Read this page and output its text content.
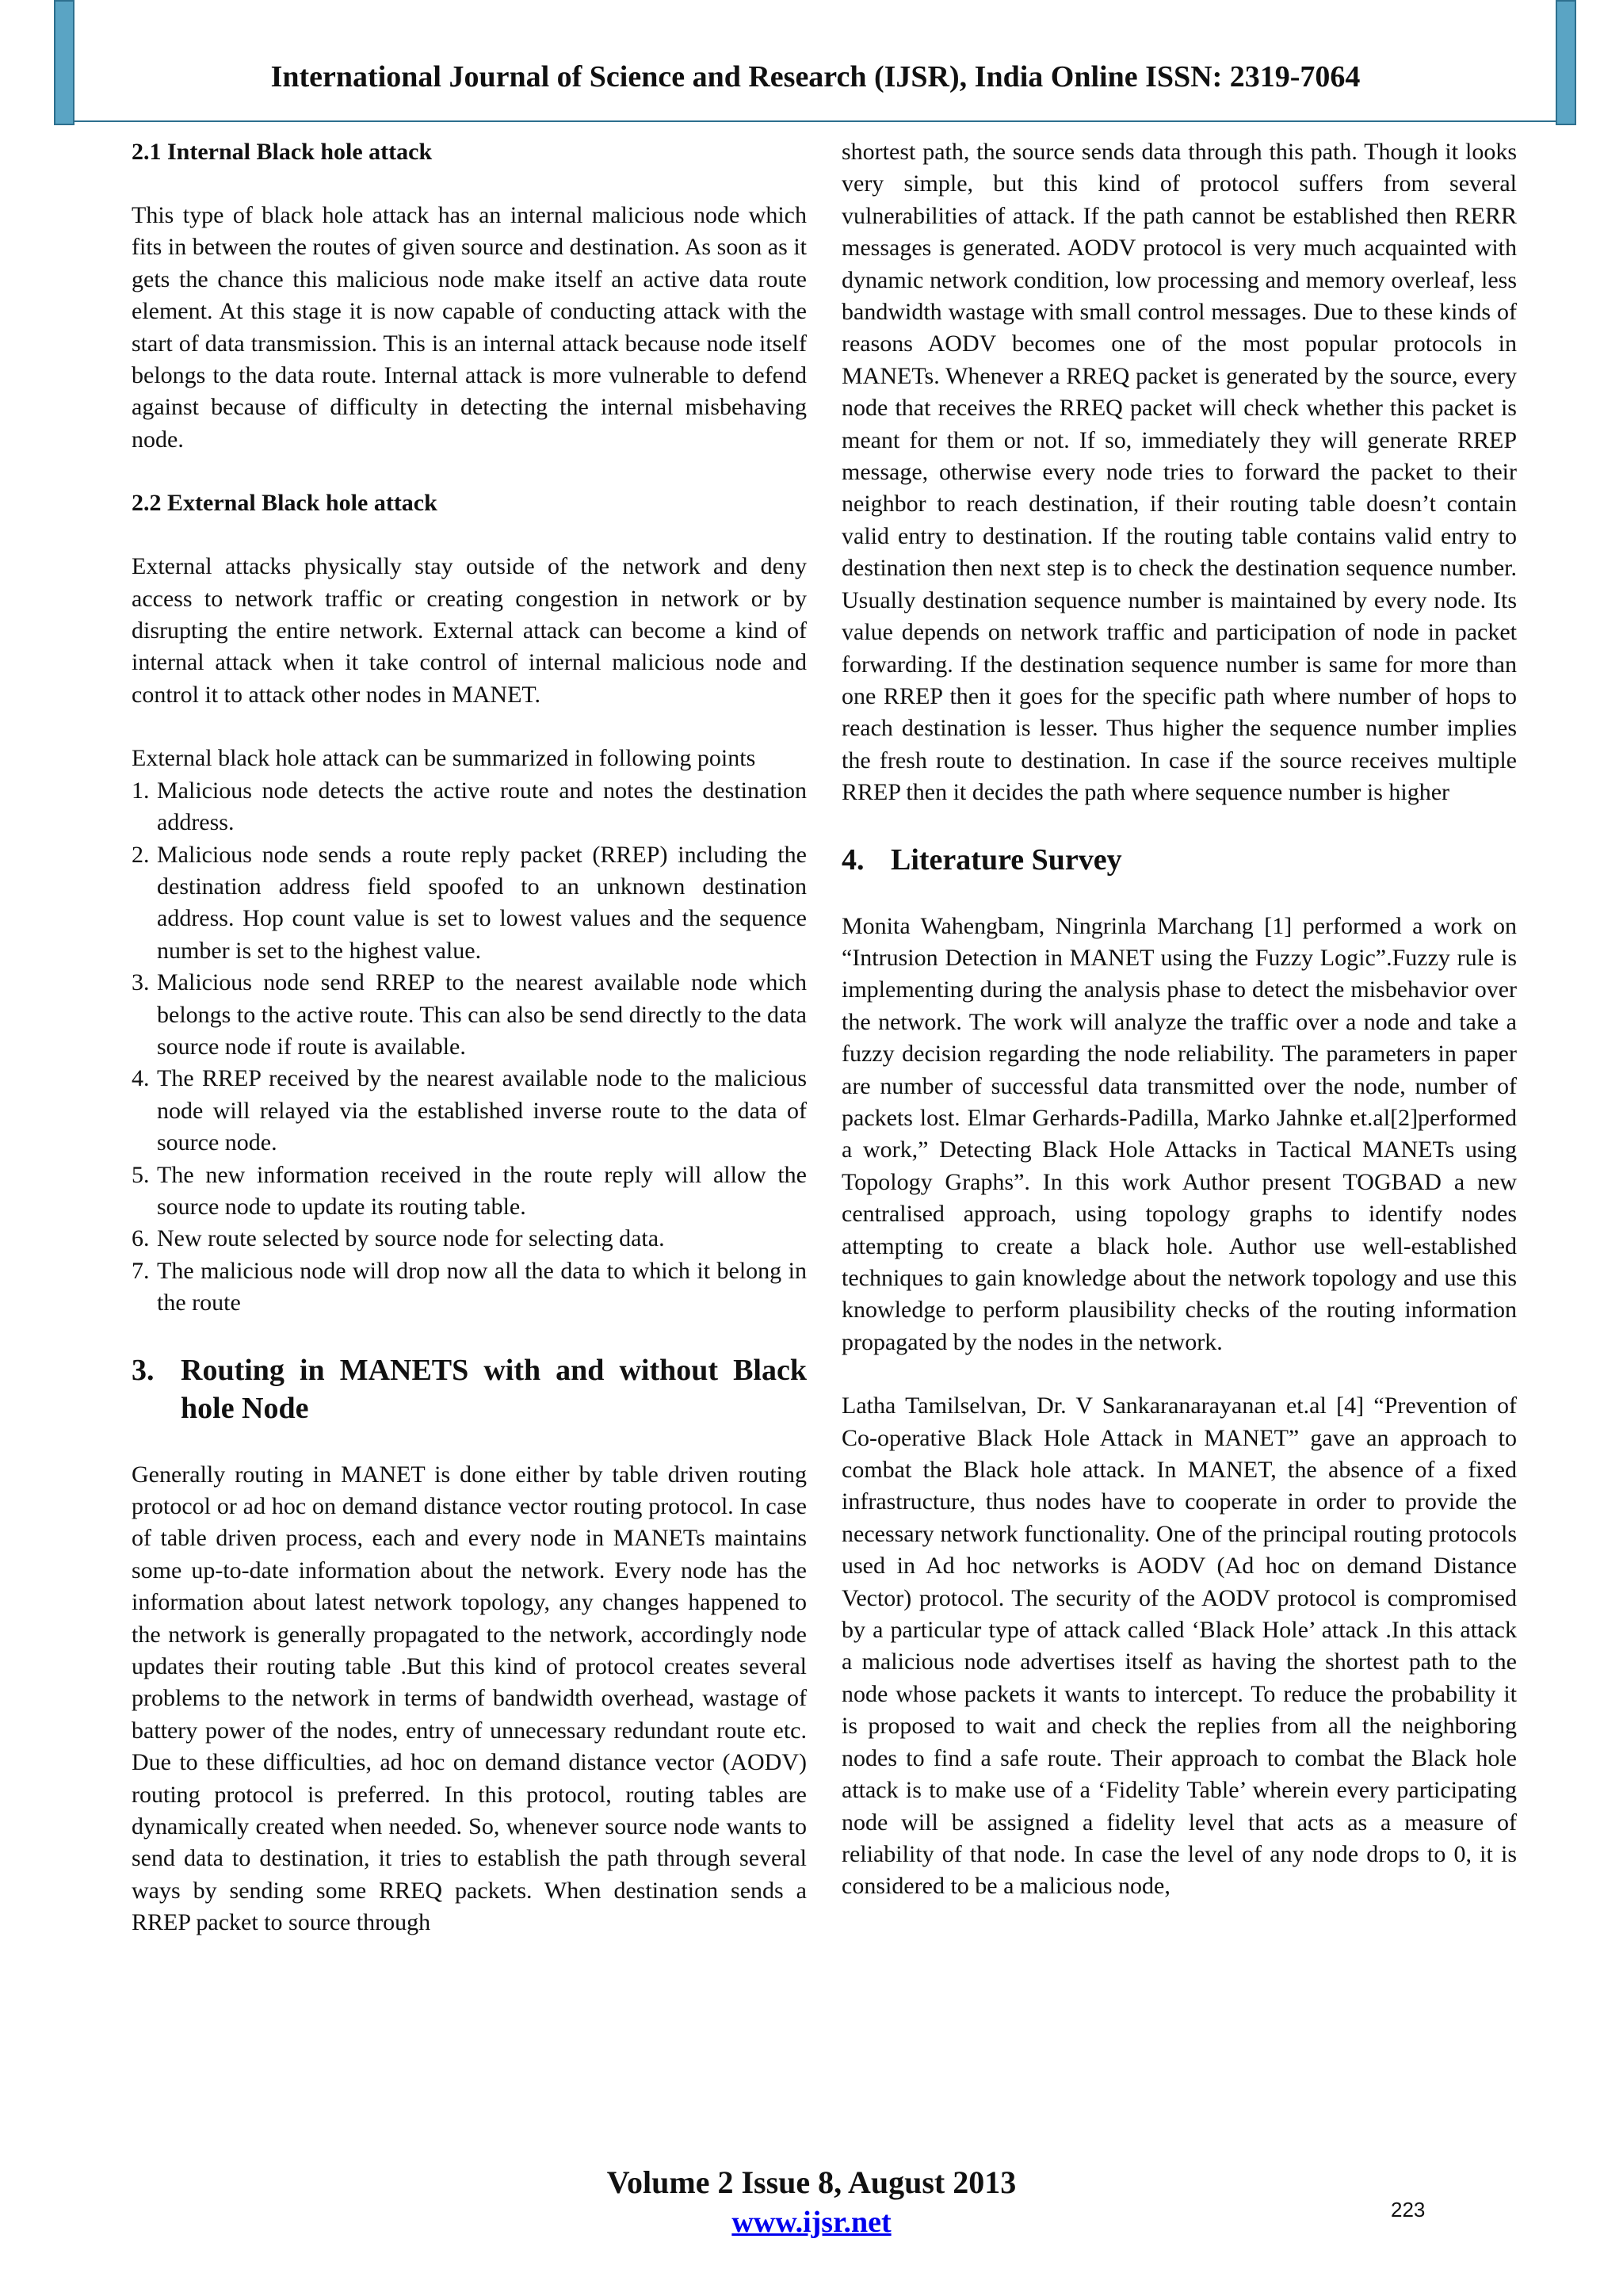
International Journal of Science and Research (IJSR), India Online ISSN: 2319-7064
2.1 Internal Black hole attack

This type of black hole attack has an internal malicious node which fits in between the routes of given source and destination. As soon as it gets the chance this malicious node make itself an active data route element. At this stage it is now capable of conducting attack with the start of data transmission. This is an internal attack because node itself belongs to the data route. Internal attack is more vulnerable to defend against because of difficulty in detecting the internal misbehaving node.

2.2 External Black hole attack

External attacks physically stay outside of the network and deny access to network traffic or creating congestion in network or by disrupting the entire network. External attack can become a kind of internal attack when it take control of internal malicious node and control it to attack other nodes in MANET.

External black hole attack can be summarized in following points

1. Malicious node detects the active route and notes the destination address.
2. Malicious node sends a route reply packet (RREP) including the destination address field spoofed to an unknown destination address. Hop count value is set to lowest values and the sequence number is set to the highest value.
3. Malicious node send RREP to the nearest available node which belongs to the active route. This can also be send directly to the data source node if route is available.
4. The RREP received by the nearest available node to the malicious node will relayed via the established inverse route to the data of source node.
5. The new information received in the route reply will allow the source node to update its routing table.
6. New route selected by source node for selecting data.
7. The malicious node will drop now all the data to which it belong in the route
3. Routing in MANETS with and without Black hole Node

Generally routing in MANET is done either by table driven routing protocol or ad hoc on demand distance vector routing protocol. In case of table driven process, each and every node in MANETs maintains some up-to-date information about the network. Every node has the information about latest network topology, any changes happened to the network is generally propagated to the network, accordingly node updates their routing table .But this kind of protocol creates several problems to the network in terms of bandwidth overhead, wastage of battery power of the nodes, entry of unnecessary redundant route etc. Due to these difficulties, ad hoc on demand distance vector (AODV) routing protocol is preferred. In this protocol, routing tables are dynamically created when needed. So, whenever source node wants to send data to destination, it tries to establish the path through several ways by sending some RREQ packets. When destination sends a RREP packet to source through

shortest path, the source sends data through this path. Though it looks very simple, but this kind of protocol suffers from several vulnerabilities of attack. If the path cannot be established then RERR messages is generated. AODV protocol is very much acquainted with dynamic network condition, low processing and memory overleaf, less bandwidth wastage with small control messages. Due to these kinds of reasons AODV becomes one of the most popular protocols in MANETs. Whenever a RREQ packet is generated by the source, every node that receives the RREQ packet will check whether this packet is meant for them or not. If so, immediately they will generate RREP message, otherwise every node tries to forward the packet to their neighbor to reach destination, if their routing table doesn’t contain valid entry to destination. If the routing table contains valid entry to destination then next step is to check the destination sequence number. Usually destination sequence number is maintained by every node. Its value depends on network traffic and participation of node in packet forwarding. If the destination sequence number is same for more than one RREP then it goes for the specific path where number of hops to reach destination is lesser. Thus higher the sequence number implies the fresh route to destination. In case if the source receives multiple RREP then it decides the path where sequence number is higher

4. Literature Survey

Monita Wahengbam, Ningrinla Marchang [1] performed a work on “Intrusion Detection in MANET using the Fuzzy Logic”.Fuzzy rule is implementing during the analysis phase to detect the misbehavior over the network. The work will analyze the traffic over a node and take a fuzzy decision regarding the node reliability. The parameters in paper are number of successful data transmitted over the node, number of packets lost. Elmar Gerhards-Padilla, Marko Jahnke et.al[2]performed a work,” Detecting Black Hole Attacks in Tactical MANETs using Topology Graphs”. In this work Author present TOGBAD a new centralised approach, using topology graphs to identify nodes attempting to create a black hole. Author use well-established techniques to gain knowledge about the network topology and use this knowledge to perform plausibility checks of the routing information propagated by the nodes in the network.

Latha Tamilselvan, Dr. V Sankaranarayanan et.al [4] “Prevention of Co-operative Black Hole Attack in MANET” gave an approach to combat the Black hole attack. In MANET, the absence of a fixed infrastructure, thus nodes have to cooperate in order to provide the necessary network functionality. One of the principal routing protocols used in Ad hoc networks is AODV (Ad hoc on demand Distance Vector) protocol. The security of the AODV protocol is compromised by a particular type of attack called ‘Black Hole’ attack .In this attack a malicious node advertises itself as having the shortest path to the node whose packets it wants to intercept. To reduce the probability it is proposed to wait and check the replies from all the neighboring nodes to find a safe route. Their approach to combat the Black hole attack is to make use of a ‘Fidelity Table’ wherein every participating node will be assigned a fidelity level that acts as a measure of reliability of that node. In case the level of any node drops to 0, it is considered to be a malicious node,

Volume 2 Issue 8, August 2013
www.ijsr.net	223
